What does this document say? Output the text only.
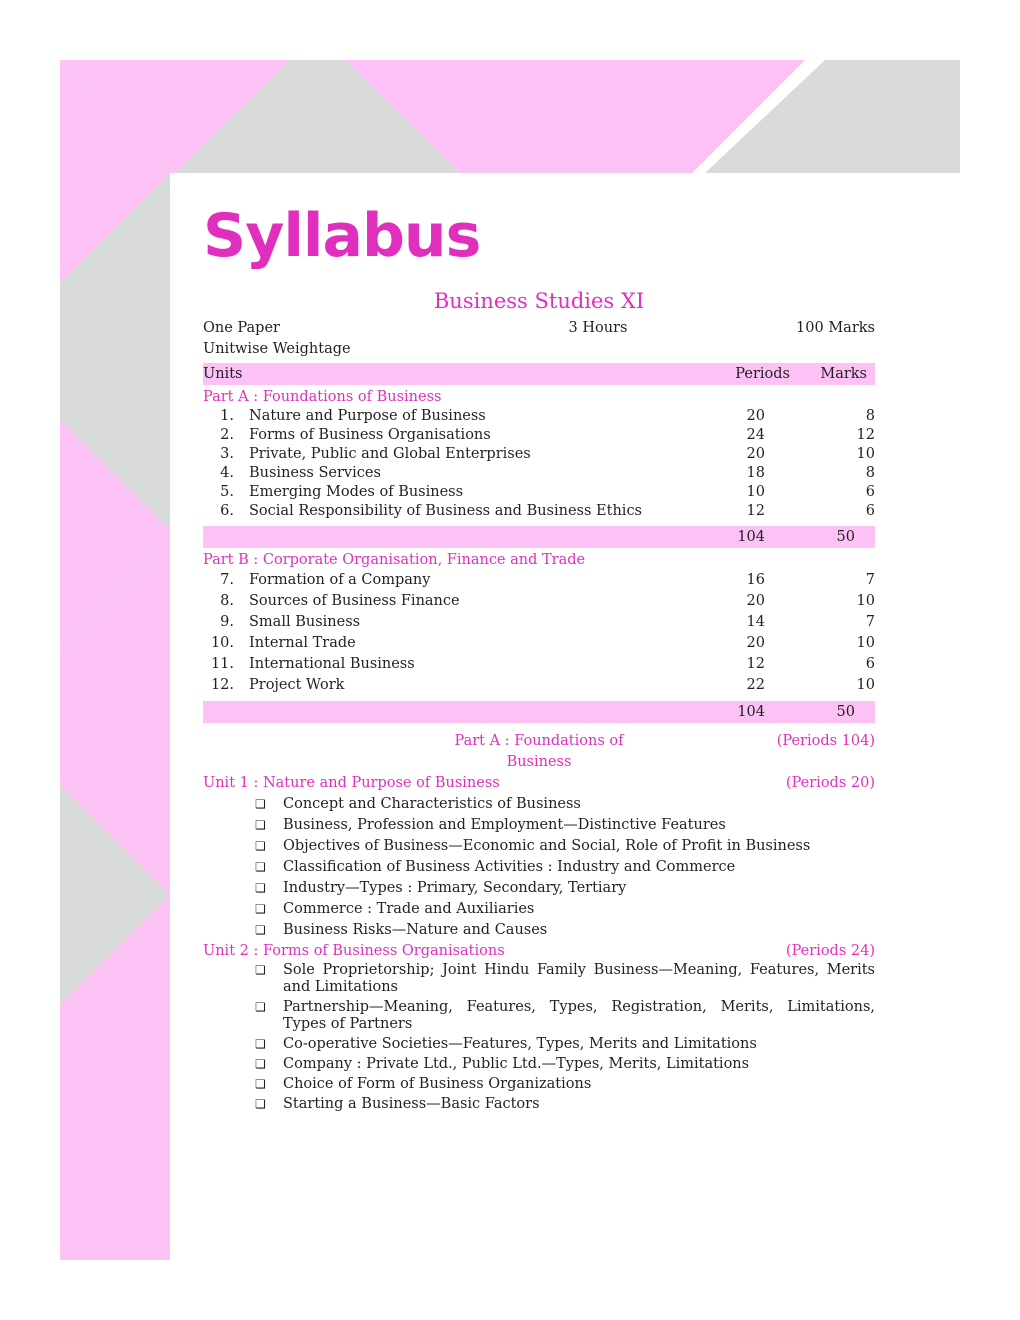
Syllabus
Business Studies XI
One Paper	3 Hours	100 Marks
Unitwise Weightage
Units	Periods	Marks
Part A : Foundations of Business
1.	Nature and Purpose of Business	20	8
2.	Forms of Business Organisations	24	12
3.	Private, Public and Global Enterprises	20	10
4.	Business Services	18	8
5.	Emerging Modes of Business	10	6
6.	Social Responsibility of Business and Business Ethics	12	6
104	50
Part B : Corporate Organisation, Finance and Trade
7.	Formation of a Company	16	7
8.	Sources of Business Finance	20	10
9.	Small Business	14	7
10.	Internal Trade	20	10
11.	International Business	12	6
12.	Project Work	22	10
104	50
Part A : Foundations of Business
(Periods 104)
Unit 1 : Nature and Purpose of Business	(Periods 20)
❏	Concept and Characteristics of Business
❏	Business, Profession and Employment—Distinctive Features
❏	Objectives of Business—Economic and Social, Role of Profit in Business
❏	Classification of Business Activities : Industry and Commerce
❏	Industry—Types : Primary, Secondary, Tertiary
❏	Commerce : Trade and Auxiliaries
❏	Business Risks—Nature and Causes
Unit 2 : Forms of Business Organisations	(Periods 24)
❏	Sole Proprietorship; Joint Hindu Family Business—Meaning, Features, Merits and Limitations
❏	Partnership—Meaning, Features, Types, Registration, Merits, Limitations, Types of Partners
❏	Co-operative Societies—Features, Types, Merits and Limitations
❏	Company : Private Ltd., Public Ltd.—Types, Merits, Limitations
❏	Choice of Form of Business Organizations
❏	Starting a Business—Basic Factors
